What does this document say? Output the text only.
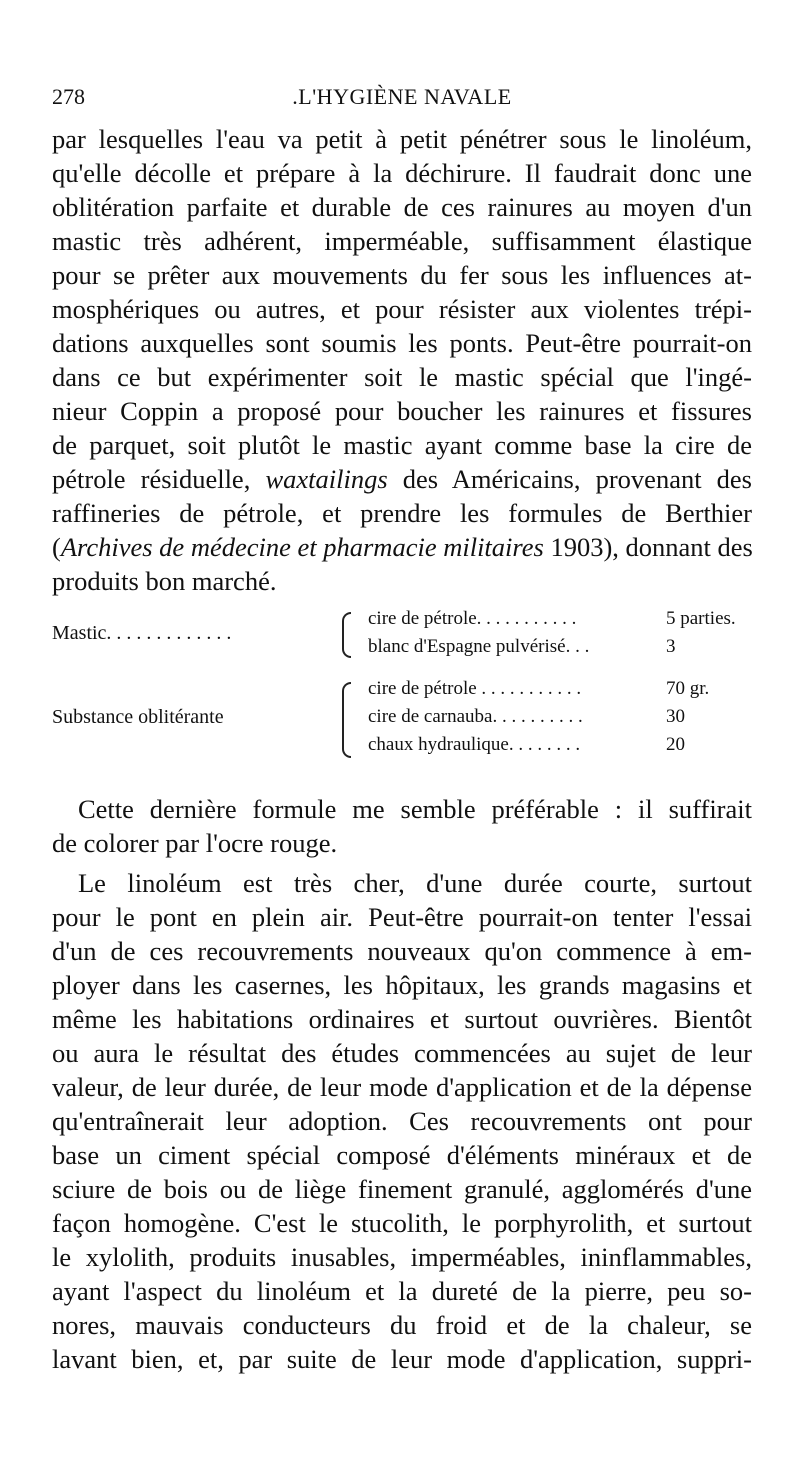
278	.L'HYGIÈNE NAVALE
par lesquelles l'eau va petit à petit pénétrer sous le linoléum,
qu'elle décolle et prépare à la déchirure. Il faudrait donc une
oblitération parfaite et durable de ces rainures au moyen d'un
mastic très adhérent, imperméable, suffisamment élastique
pour se prêter aux mouvements du fer sous les influences at-
mosphériques ou autres, et pour résister aux violentes trépi-
dations auxquelles sont soumis les ponts. Peut-être pourrait-on
dans ce but expérimenter soit le mastic spécial que l'ingé-
nieur Coppin a proposé pour boucher les rainures et fissures
de parquet, soit plutôt le mastic ayant comme base la cire de
pétrole résiduelle, waxtailings des Américains, provenant des
raffineries de pétrole, et prendre les formules de Berthier
(Archives de médecine et pharmacie militaires 1903), donnant des
produits bon marché.
Mastic. . . . . . . . . . . . .
cire de pétrole. . . . . . . . . . .	5 parties.
blanc d'Espagne pulvérisé. . .	3
Substance oblitérante
cire de pétrole . . . . . . . . . . .	70 gr.
cire de carnauba. . . . . . . . . .	30
chaux hydraulique. . . . . . . .	20
Cette dernière formule me semble préférable : il suffirait
de colorer par l'ocre rouge.
Le linoléum est très cher, d'une durée courte, surtout
pour le pont en plein air. Peut-être pourrait-on tenter l'essai
d'un de ces recouvrements nouveaux qu'on commence à em-
ployer dans les casernes, les hôpitaux, les grands magasins et
même les habitations ordinaires et surtout ouvrières. Bientôt
ou aura le résultat des études commencées au sujet de leur
valeur, de leur durée, de leur mode d'application et de la dépense
qu'entraînerait leur adoption. Ces recouvrements ont pour
base un ciment spécial composé d'éléments minéraux et de
sciure de bois ou de liège finement granulé, agglomérés d'une
façon homogène. C'est le stucolith, le porphyrolith, et surtout
le xylolith, produits inusables, imperméables, ininflammables,
ayant l'aspect du linoléum et la dureté de la pierre, peu so-
nores, mauvais conducteurs du froid et de la chaleur, se
lavant bien, et, par suite de leur mode d'application, suppri-
